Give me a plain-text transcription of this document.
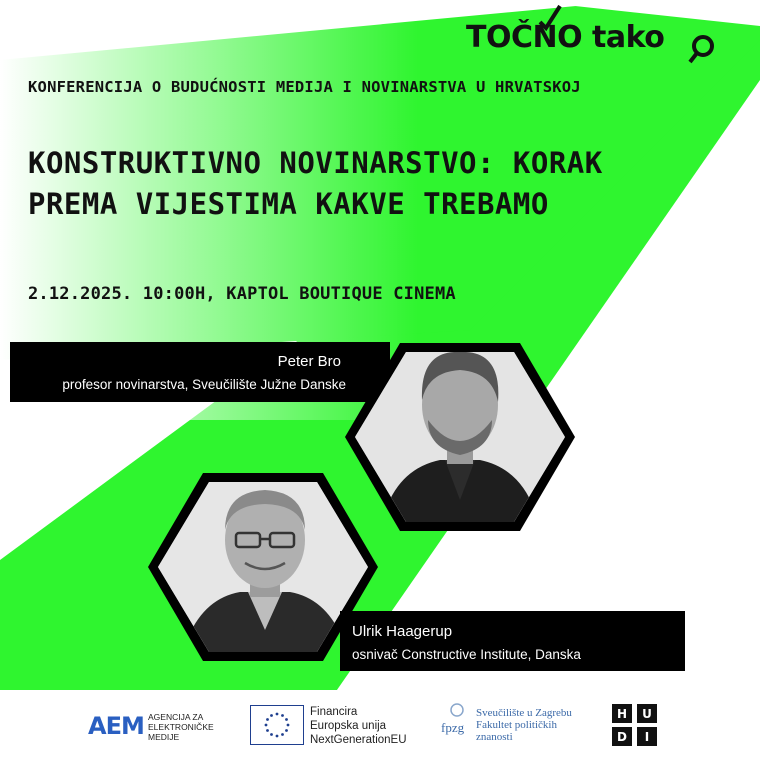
TOČNO tako
KONFERENCIJA O BUDUĆNOSTI MEDIJA I NOVINARSTVA U HRVATSKOJ
KONSTRUKTIVNO NOVINARSTVO: KORAK PREMA VIJESTIMA KAKVE TREBAMO
2.12.2025. 10:00H, KAPTOL BOUTIQUE CINEMA
Peter Bro
profesor novinarstva, Sveučilište Južne Danske
Ulrik Haagerup
osnivač Constructive Institute, Danska
AEM AGENCIJA ZA
ELEKTRONIČKE
MEDIJE
Financira
Europska unija
NextGenerationEU
fpzg
Sveučilište u Zagrebu
Fakultet političkih
znanosti
H U
D I
